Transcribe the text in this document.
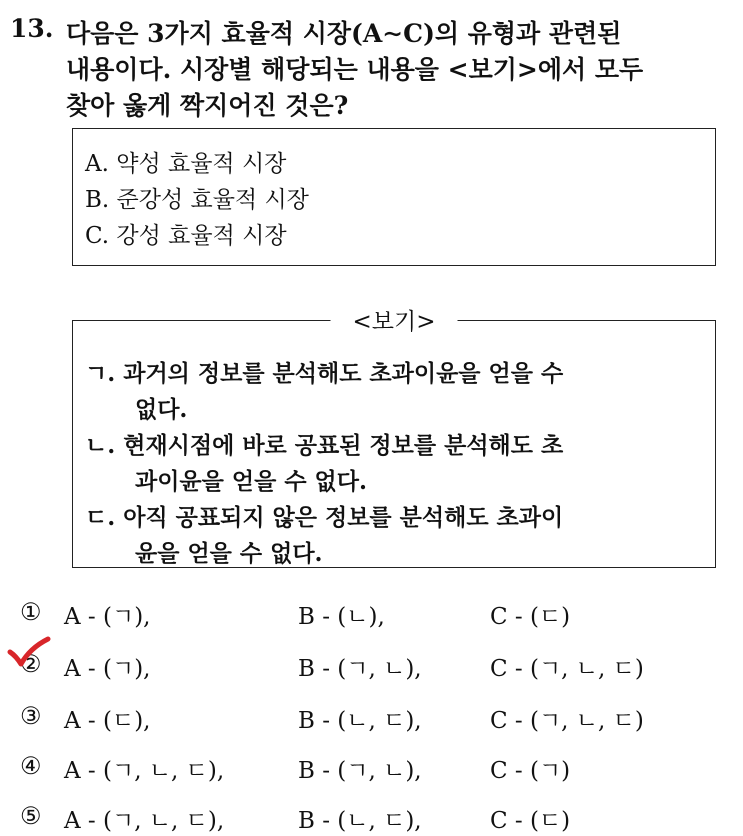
13. 다음은 3가지 효율적 시장(A∼C)의 유형과 관련된
내용이다. 시장별 해당되는 내용을 <보기>에서 모두
찾아 옳게 짝지어진 것은?
A. 약성 효율적 시장
B. 준강성 효율적 시장
C. 강성 효율적 시장
<보기>
ㄱ. 과거의 정보를 분석해도 초과이윤을 얻을 수
없다.
ㄴ. 현재시점에 바로 공표된 정보를 분석해도 초
과이윤을 얻을 수 없다.
ㄷ. 아직 공표되지 않은 정보를 분석해도 초과이
윤을 얻을 수 없다.
① A - (ㄱ),	B - (ㄴ),	C - (ㄷ)
② A - (ㄱ),	B - (ㄱ, ㄴ),	C - (ㄱ, ㄴ, ㄷ)
③ A - (ㄷ),	B - (ㄴ, ㄷ),	C - (ㄱ, ㄴ, ㄷ)
④ A - (ㄱ, ㄴ, ㄷ),	B - (ㄱ, ㄴ),	C - (ㄱ)
⑤ A - (ㄱ, ㄴ, ㄷ),	B - (ㄴ, ㄷ),	C - (ㄷ)
